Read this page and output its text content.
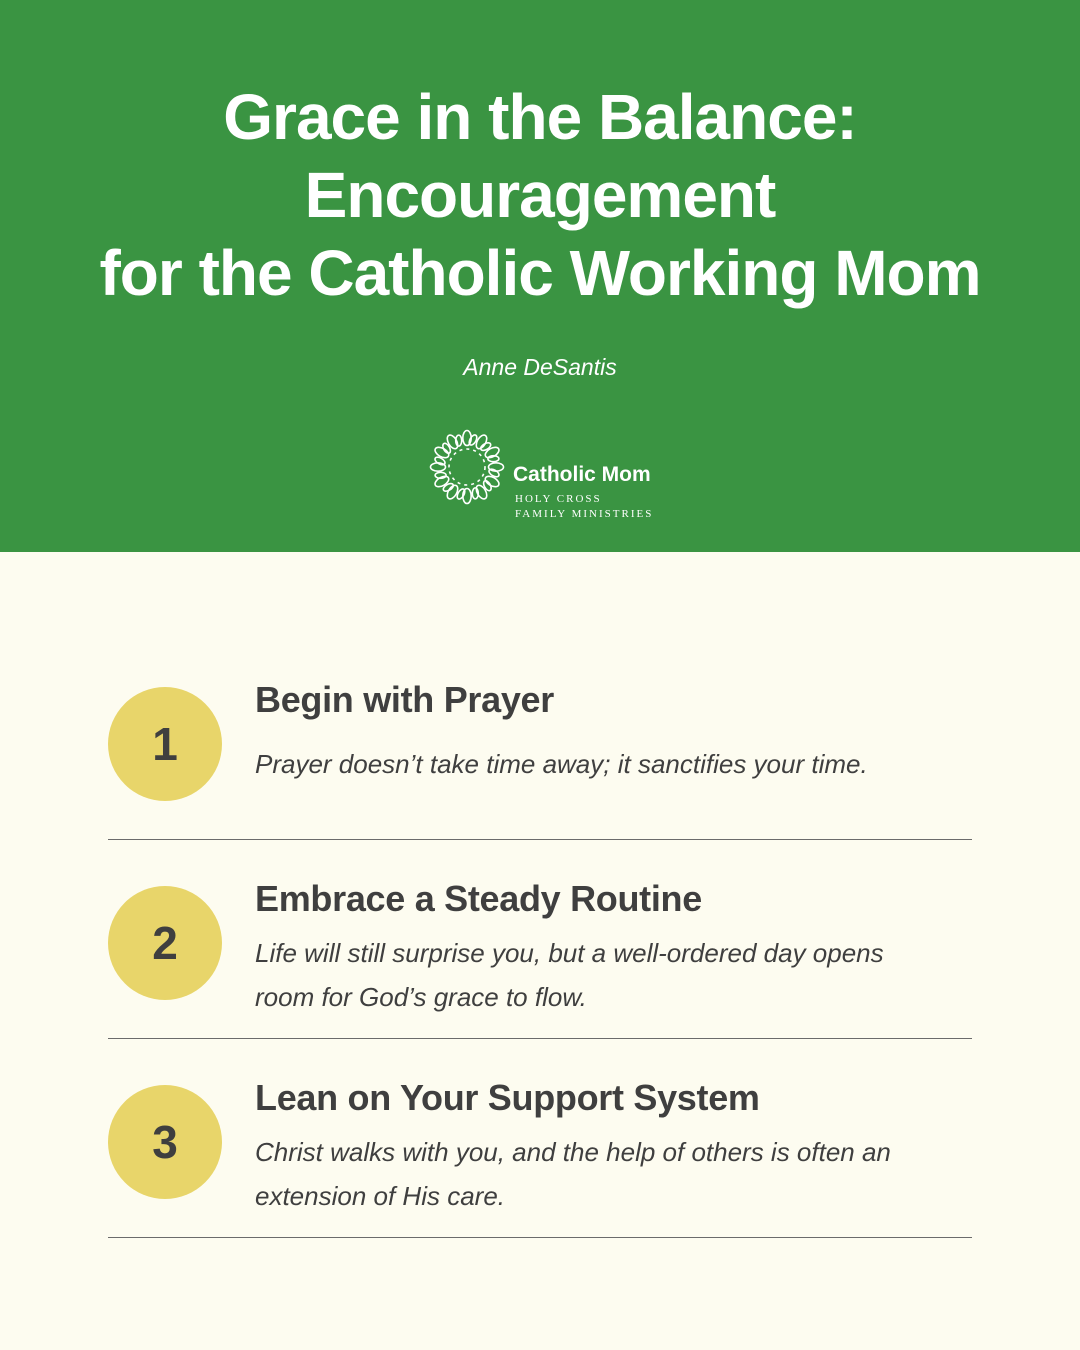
Grace in the Balance:
Encouragement
for the Catholic Working Mom
Anne DeSantis
Catholic Mom
HOLY CROSS
FAMILY MINISTRIES
1
Begin with Prayer
Prayer doesn’t take time away; it sanctifies your time.
2
Embrace a Steady Routine
Life will still surprise you, but a well-ordered day opens room for God’s grace to flow.
3
Lean on Your Support System
Christ walks with you, and the help of others is often an extension of His care.
